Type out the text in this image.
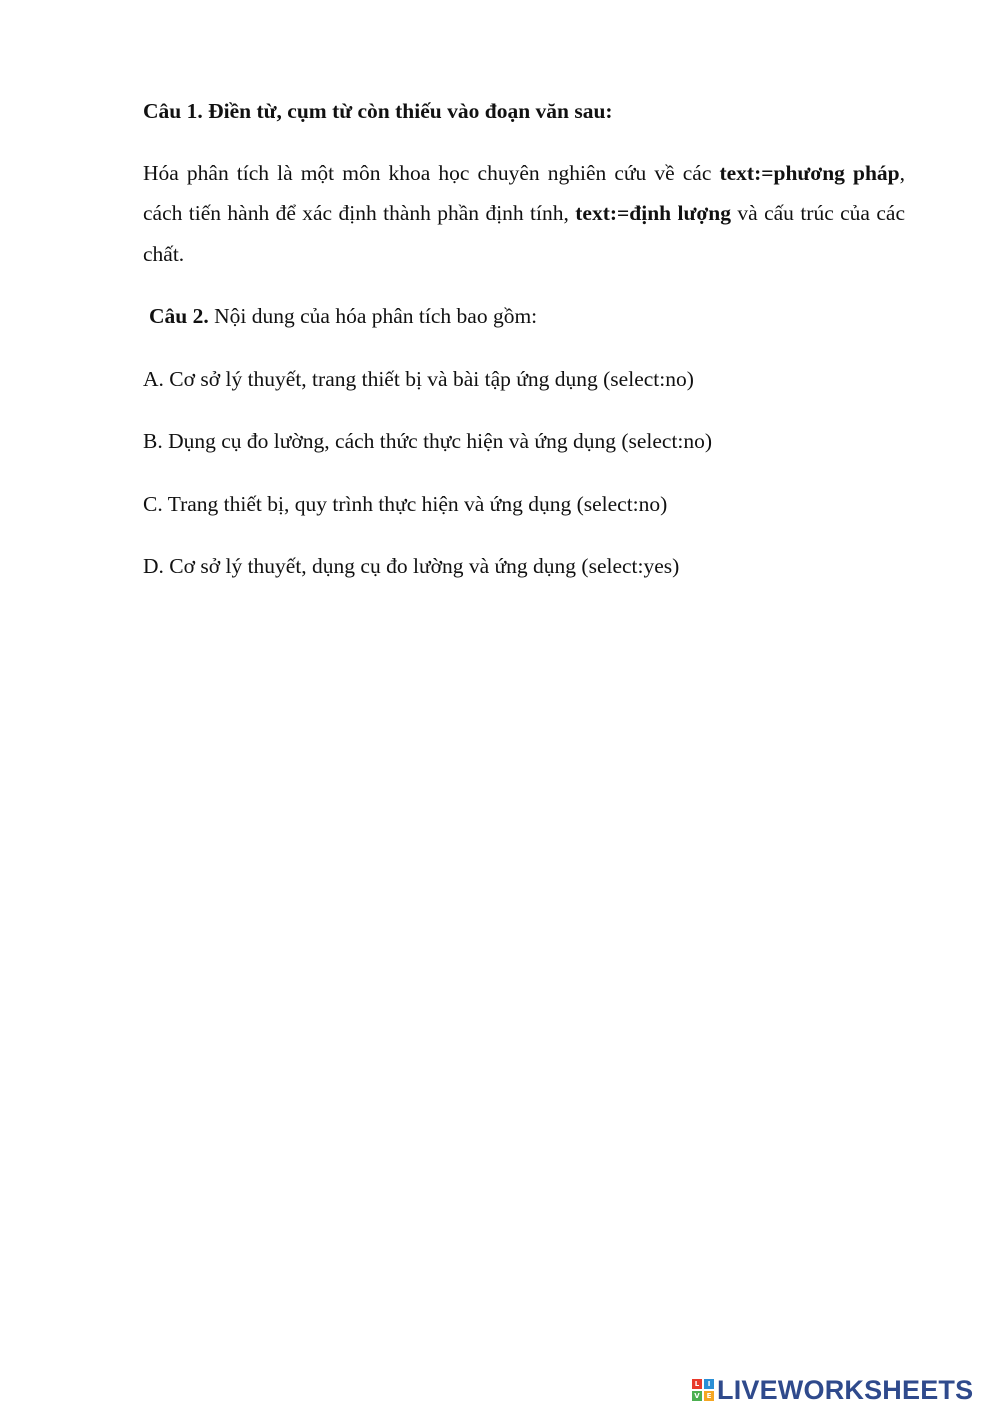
Câu 1. Điền từ, cụm từ còn thiếu vào đoạn văn sau:

Hóa phân tích là một môn khoa học chuyên nghiên cứu về các text:=phương pháp, cách tiến hành để xác định thành phần định tính, text:=định lượng và cấu trúc của các chất.

Câu 2. Nội dung của hóa phân tích bao gồm:

A. Cơ sở lý thuyết, trang thiết bị và bài tập ứng dụng (select:no)

B. Dụng cụ đo lường, cách thức thực hiện và ứng dụng (select:no)

C. Trang thiết bị, quy trình thực hiện và ứng dụng (select:no)

D. Cơ sở lý thuyết, dụng cụ đo lường và ứng dụng (select:yes)

L	I
V E LIVEWORKSHEETS
